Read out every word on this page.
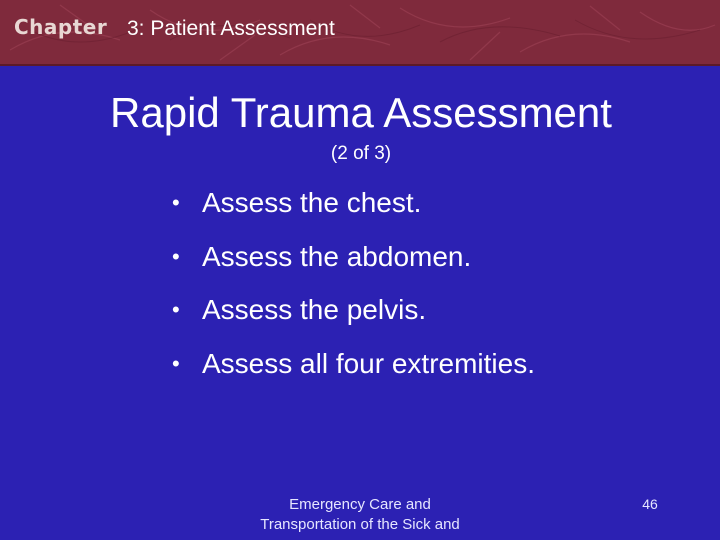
Chapter 3: Patient Assessment
Rapid Trauma Assessment
(2 of 3)
• Assess the chest.
• Assess the abdomen.
• Assess the pelvis.
• Assess all four extremities.
Emergency Care and
Transportation of the Sick and
46
